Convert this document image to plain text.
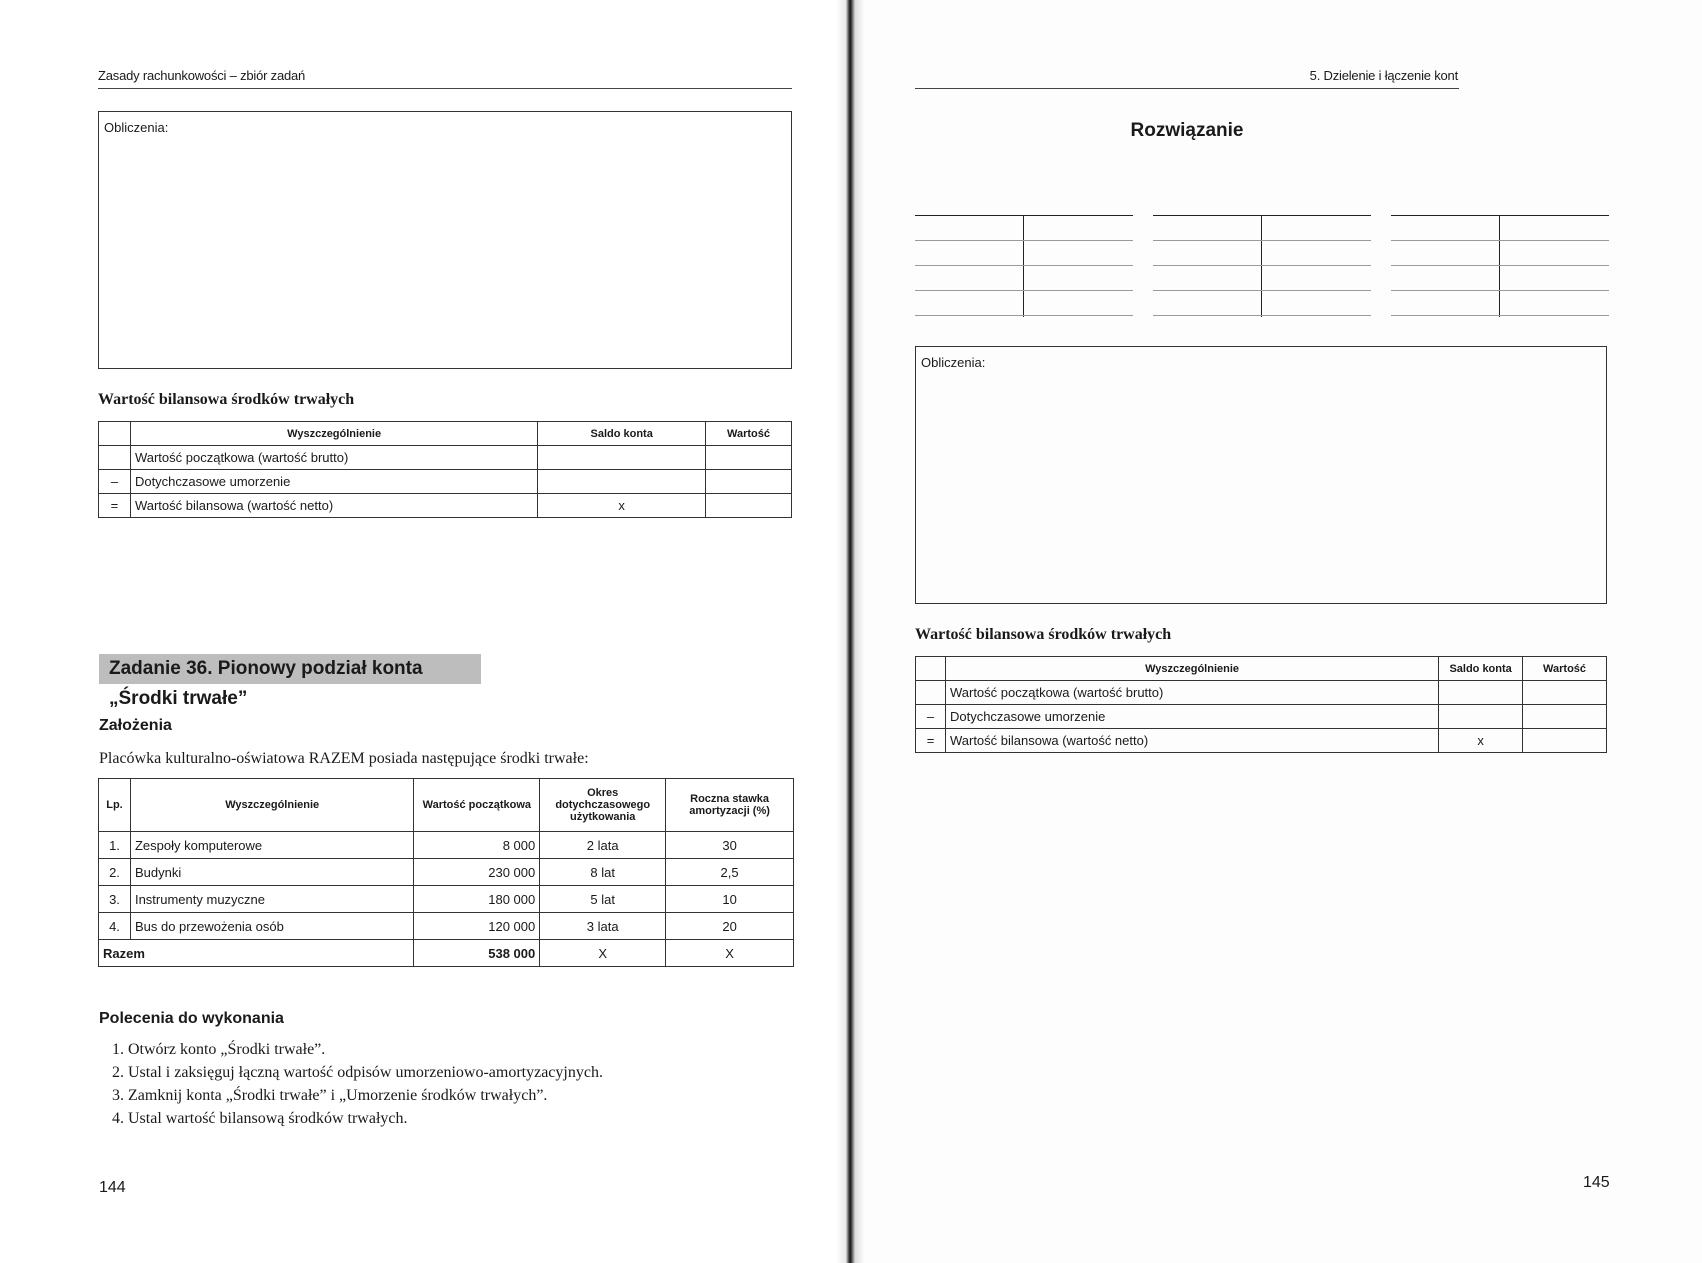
Zasady rachunkowości – zbiór zadań
Obliczenia:
Wartość bilansowa środków trwałych
	Wyszczególnienie	Saldo konta	Wartość
	Wartość początkowa (wartość brutto)		
–	Dotychczasowe umorzenie		
=	Wartość bilansowa (wartość netto)	x	
Zadanie 36. Pionowy podział konta „Środki trwałe”
Założenia
Placówka kulturalno-oświatowa RAZEM posiada następujące środki trwałe:
Lp.	Wyszczególnienie	Wartość początkowa	Okres dotychczasowego użytkowania	Roczna stawka amortyzacji (%)
1.	Zespoły komputerowe	8 000	2 lata	30
2.	Budynki	230 000	8 lat	2,5
3.	Instrumenty muzyczne	180 000	5 lat	10
4.	Bus do przewożenia osób	120 000	3 lata	20
Razem		538 000	X	X
Polecenia do wykonania
1. Otwórz konto „Środki trwałe”.
2. Ustal i zaksięguj łączną wartość odpisów umorzeniowo-amortyzacyjnych.
3. Zamknij konta „Środki trwałe” i „Umorzenie środków trwałych”.
4. Ustal wartość bilansową środków trwałych.
144
5. Dzielenie i łączenie kont
Rozwiązanie
Obliczenia:
Wartość bilansowa środków trwałych
	Wyszczególnienie	Saldo konta	Wartość
	Wartość początkowa (wartość brutto)		
–	Dotychczasowe umorzenie		
=	Wartość bilansowa (wartość netto)	x	
145
